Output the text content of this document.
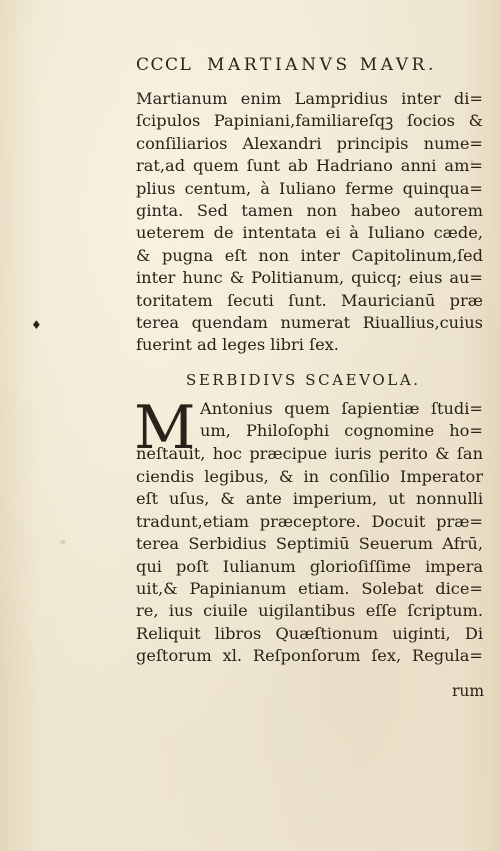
CCCL MARTIANVS MAVR.
♦
Martianum enim Lampridius inter di=
ſcipulos Papiniani,familiareſqꝫ ſocios &
conſiliarios Alexandri principis nume=
rat,ad quem ſunt ab Hadriano anni am=
plius centum, à Iuliano ferme quinqua=
ginta. Sed tamen non habeo autorem
ueterem de intentata ei à Iuliano cæde,
& pugna eſt non inter Capitolinum,ſed
inter hunc & Politianum, quicq; eius au=
toritatem ſecuti ſunt. Mauricianū præ
terea quendam numerat Riuallius,cuius
fuerint ad leges libri ſex.
SERBIDIVS SCAEVOLA.
M Antonius quem ſapientiæ ſtudi=
um, Philoſophi cognomine ho=
neſtauit, hoc præcipue iuris perito & ſan
ciendis legibus, & in conſilio Imperator
eſt uſus, & ante imperium, ut nonnulli
tradunt,etiam præceptore. Docuit præ=
terea Serbidius Septimiū Seuerum Afrū,
qui poſt Iulianum glorioſiſſime impera
uit,& Papinianum etiam. Solebat dice=
re, ius ciuile uigilantibus eſſe ſcriptum.
Reliquit libros Quæſtionum uiginti, Di
geſtorum xl. Reſponſorum ſex, Regula=
rum
